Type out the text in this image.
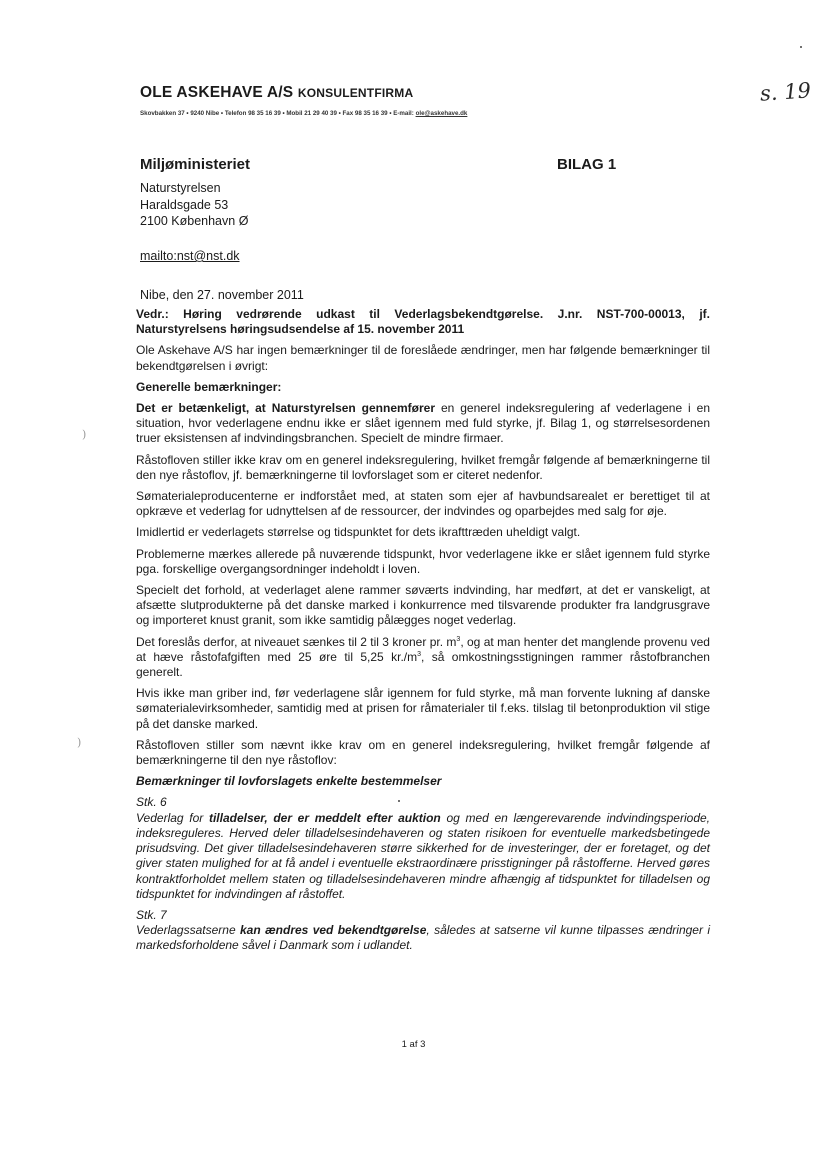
OLE ASKEHAVE A/S KONSULENTFIRMA
Skovbakken 37 • 9240 Nibe • Telefon 98 35 16 39 • Mobil 21 29 40 39 • Fax 98 35 16 39 • E-mail: ole@askehave.dk
s. 19
Miljøministeriet	BILAG 1
Naturstyrelsen
Haraldsgade 53
2100 København Ø
mailto:nst@nst.dk
Nibe, den 27. november 2011

Vedr.: Høring vedrørende udkast til Vederlagsbekendtgørelse. J.nr. NST-700-00013, jf. Naturstyrelsens høringsudsendelse af 15. november 2011

Ole Askehave A/S har ingen bemærkninger til de foreslåede ændringer, men har følgende bemærkninger til bekendtgørelsen i øvrigt:

Generelle bemærkninger:

Det er betænkeligt, at Naturstyrelsen gennemfører en generel indeksregulering af vederlagene i en situation, hvor vederlagene endnu ikke er slået igennem med fuld styrke, jf. Bilag 1, og størrelsesordenen truer eksistensen af indvindingsbranchen. Specielt de mindre firmaer.

Råstofloven stiller ikke krav om en generel indeksregulering, hvilket fremgår følgende af bemærkningerne til den nye råstoflov, jf. bemærkningerne til lovforslaget som er citeret nedenfor.

Sømaterialeproducenterne er indforstået med, at staten som ejer af havbundsarealet er berettiget til at opkræve et vederlag for udnyttelsen af de ressourcer, der indvindes og oparbejdes med salg for øje.

Imidlertid er vederlagets størrelse og tidspunktet for dets ikrafttræden uheldigt valgt.

Problemerne mærkes allerede på nuværende tidspunkt, hvor vederlagene ikke er slået igennem fuld styrke pga. forskellige overgangsordninger indeholdt i loven.

Specielt det forhold, at vederlaget alene rammer søværts indvinding, har medført, at det er vanskeligt, at afsætte slutprodukterne på det danske marked i konkurrence med tilsvarende produkter fra landgrusgrave og importeret knust granit, som ikke samtidig pålægges noget vederlag.

Det foreslås derfor, at niveauet sænkes til 2 til 3 kroner pr. $m^3$, og at man henter det manglende provenu ved at hæve råstofafgiften med 25 øre til 5,25 $kr./m^3$, så omkostningsstigningen rammer råstofbranchen generelt.

Hvis ikke man griber ind, før vederlagene slår igennem for fuld styrke, må man forvente lukning af danske sømaterialevirksomheder, samtidig med at prisen for råmaterialer til f.eks. tilslag til betonproduktion vil stige på det danske marked.

Råstofloven stiller som nævnt ikke krav om en generel indeksregulering, hvilket fremgår følgende af bemærkningerne til den nye råstoflov:

Bemærkninger til lovforslagets enkelte bestemmelser

Stk. 6

Vederlag for tilladelser, der er meddelt efter auktion og med en længerevarende indvindingsperiode, indeksreguleres. Herved deler tilladelsesindehaveren og staten risikoen for eventuelle markedsbetingede prisudsving. Det giver tilladelsesindehaveren større sikkerhed for de investeringer, der er foretaget, og det giver staten mulighed for at få andel i eventuelle ekstraordinære prisstigninger på råstofferne. Herved gøres kontraktforholdet mellem staten og tilladelsesindehaveren mindre afhængig af tidspunktet for tilladelsen og tidspunktet for indvindingen af råstoffet.

Stk. 7

Vederlagssatserne kan ændres ved bekendtgørelse, således at satserne vil kunne tilpasses ændringer i markedsforholdene såvel i Danmark som i udlandet.

1 af 3
)
)
